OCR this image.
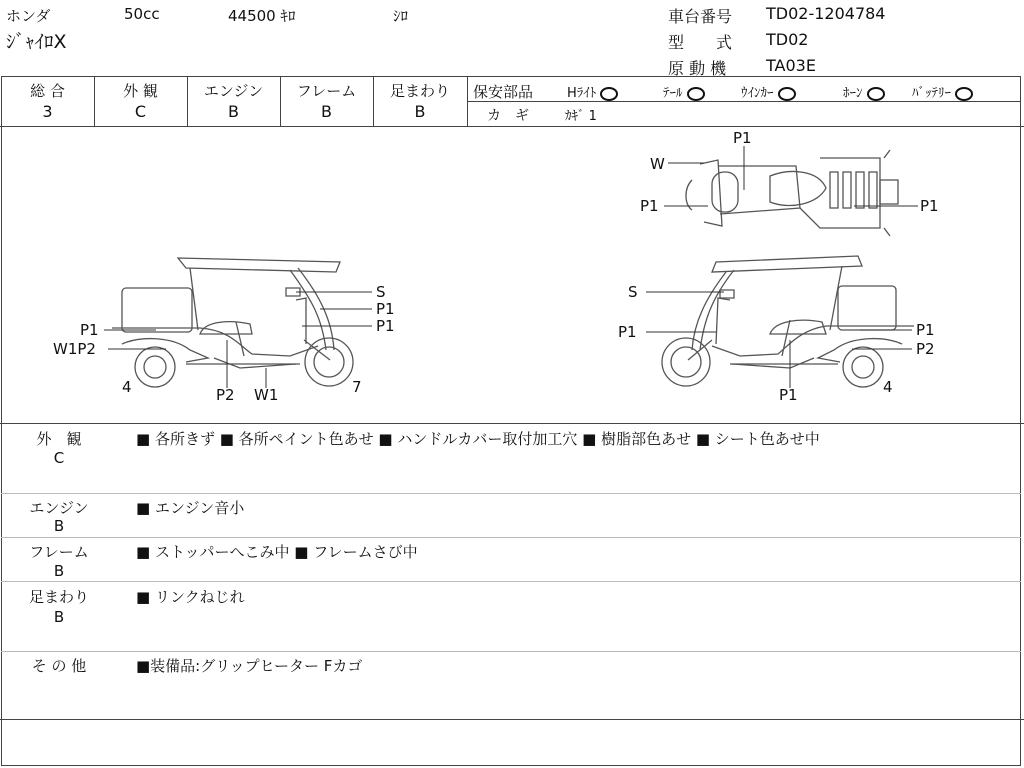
ホンダ	50cc	44500 ｷﾛ	ｼﾛ
ｼﾞｬｲﾛX
車台番号 TD02-1204784
型　　式 TD02
原 動 機 TA03E
総 合
3
外 観
C
エンジン
B
フレーム
B
足まわり
B
保安部品	Hﾗｲﾄ	ﾃｰﾙ	ｳｲﾝｶｰ	ﾎｰﾝ	ﾊﾞｯﾃﾘｰ
カ　ギ	ｶｷﾞ 1
S
P1
P1
P1
W1P2
4	P2 W1	7
S
P1	P1
P2
P1	4
P1
W
P1	P1
外　観
C
■ 各所きず ■ 各所ペイント色あせ ■ ハンドルカバー取付加工穴 ■ 樹脂部色あせ ■ シート色あせ中
エンジン
B
■ エンジン音小
フレーム
B
■ ストッパーへこみ中 ■ フレームさび中
足まわり
B
■ リンクねじれ
そ の 他	■装備品:グリップヒーター Fカゴ
